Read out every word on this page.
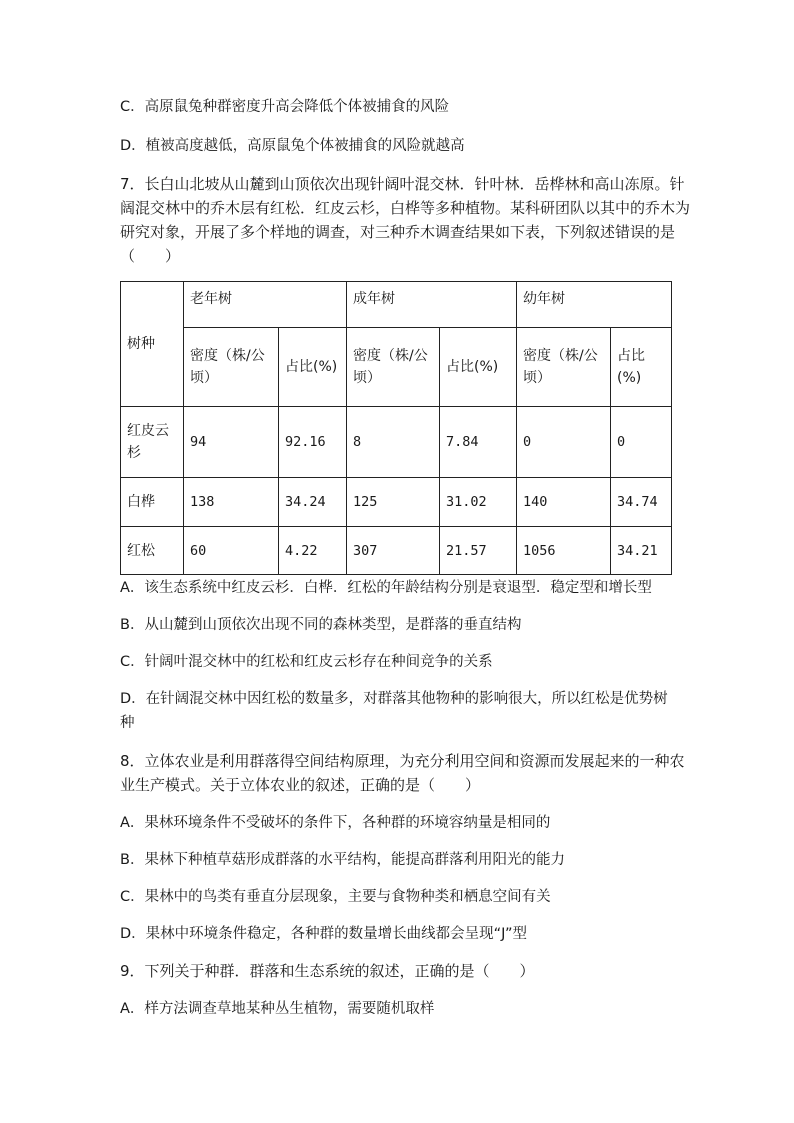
C．高原鼠兔种群密度升高会降低个体被捕食的风险
D．植被高度越低，高原鼠兔个体被捕食的风险就越高
7．长白山北坡从山麓到山顶依次出现针阔叶混交林．针叶林．岳桦林和高山冻原。针
阔混交林中的乔木层有红松．红皮云杉，白桦等多种植物。某科研团队以其中的乔木为
研究对象，开展了多个样地的调查，对三种乔木调查结果如下表，下列叙述错误的是
（　　）
树种	老年树		成年树		幼年树	
	密度（株/公顷）	占比(%)	密度（株/公顷）	占比(%)	密度（株/公顷）	占比(%)
红皮云杉	94	92.16	8	7.84	0	0
白桦	138	34.24	125	31.02	140	34.74
红松	60	4.22	307	21.57	1056	34.21
A．该生态系统中红皮云杉．白桦．红松的年龄结构分别是衰退型．稳定型和增长型
B．从山麓到山顶依次出现不同的森林类型，是群落的垂直结构
C．针阔叶混交林中的红松和红皮云杉存在种间竞争的关系
D．在针阔混交林中因红松的数量多，对群落其他物种的影响很大，所以红松是优势树
种
8．立体农业是利用群落得空间结构原理，为充分利用空间和资源而发展起来的一种农
业生产模式。关于立体农业的叙述，正确的是（　　）
A．果林环境条件不受破坏的条件下，各种群的环境容纳量是相同的
B．果林下种植草菇形成群落的水平结构，能提高群落利用阳光的能力
C．果林中的鸟类有垂直分层现象，主要与食物种类和栖息空间有关
D．果林中环境条件稳定，各种群的数量增长曲线都会呈现“J”型
9．下列关于种群．群落和生态系统的叙述，正确的是（　　）
A．样方法调查草地某种丛生植物，需要随机取样
